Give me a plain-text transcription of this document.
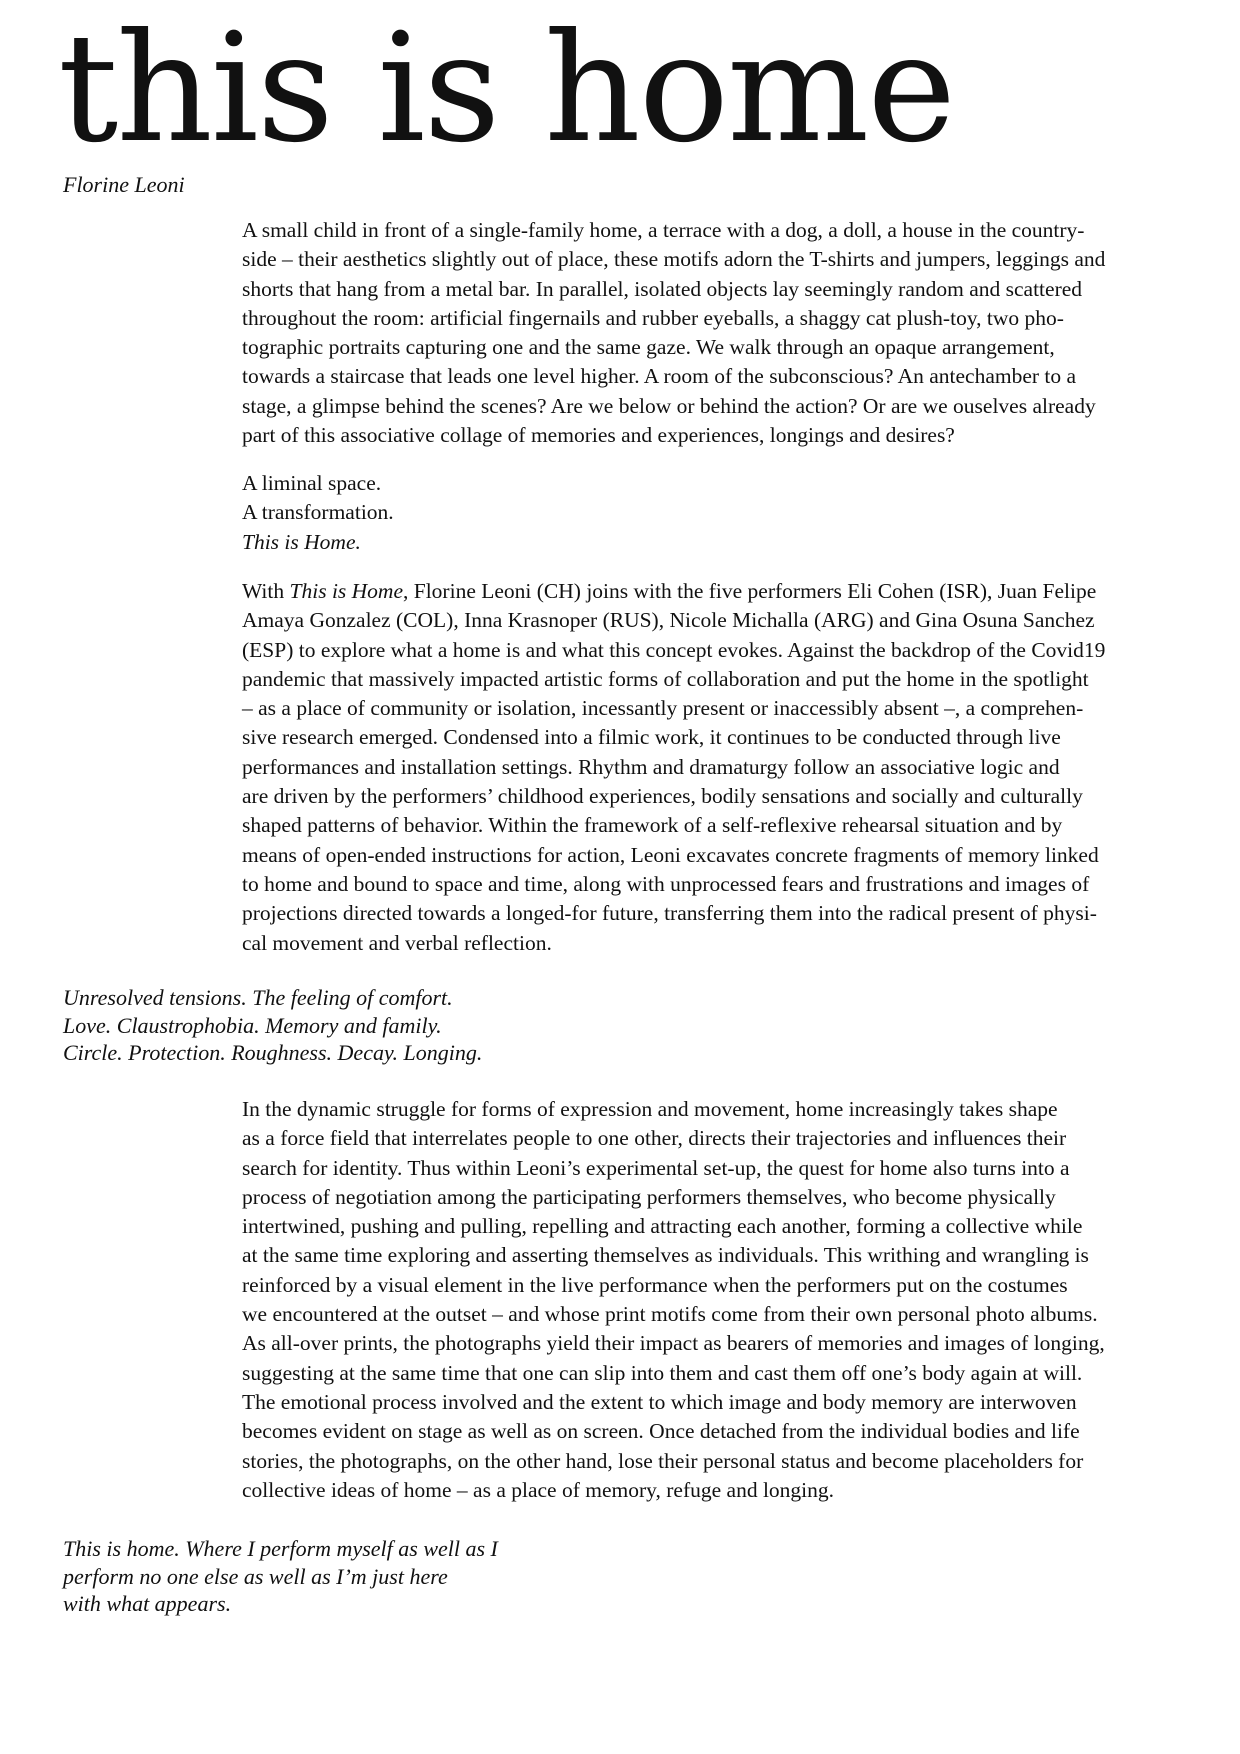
this is home

Florine Leoni

A small child in front of a single-family home, a terrace with a dog, a doll, a house in the country-

side – their aesthetics slightly out of place, these motifs adorn the T-shirts and jumpers, leggings and

shorts that hang from a metal bar. In parallel, isolated objects lay seemingly random and scattered

throughout the room: artificial fingernails and rubber eyeballs, a shaggy cat plush-toy, two pho-

tographic portraits capturing one and the same gaze. We walk through an opaque arrangement,

towards a staircase that leads one level higher. A room of the subconscious? An antechamber to a

stage, a glimpse behind the scenes? Are we below or behind the action? Or are we ouselves already

part of this associative collage of memories and experiences, longings and desires?

A liminal space.

A transformation.

This is Home.

With This is Home, Florine Leoni (CH) joins with the five performers Eli Cohen (ISR), Juan Felipe

Amaya Gonzalez (COL), Inna Krasnoper (RUS), Nicole Michalla (ARG) and Gina Osuna Sanchez

(ESP) to explore what a home is and what this concept evokes. Against the backdrop of the Covid19

pandemic that massively impacted artistic forms of collaboration and put the home in the spotlight

– as a place of community or isolation, incessantly present or inaccessibly absent –, a comprehen-

sive research emerged. Condensed into a filmic work, it continues to be conducted through live

performances and installation settings. Rhythm and dramaturgy follow an associative logic and

are driven by the performers’ childhood experiences, bodily sensations and socially and culturally

shaped patterns of behavior. Within the framework of a self-reflexive rehearsal situation and by

means of open-ended instructions for action, Leoni excavates concrete fragments of memory linked

to home and bound to space and time, along with unprocessed fears and frustrations and images of

projections directed towards a longed-for future, transferring them into the radical present of physi-

cal movement and verbal reflection.

Unresolved tensions. The feeling of comfort.

Love. Claustrophobia. Memory and family.

Circle. Protection. Roughness. Decay. Longing.

In the dynamic struggle for forms of expression and movement, home increasingly takes shape

as a force field that interrelates people to one other, directs their trajectories and influences their

search for identity. Thus within Leoni’s experimental set-up, the quest for home also turns into a

process of negotiation among the participating performers themselves, who become physically

intertwined, pushing and pulling, repelling and attracting each another, forming a collective while

at the same time exploring and asserting themselves as individuals. This writhing and wrangling is

reinforced by a visual element in the live performance when the performers put on the costumes

we encountered at the outset – and whose print motifs come from their own personal photo albums.

As all-over prints, the photographs yield their impact as bearers of memories and images of longing,

suggesting at the same time that one can slip into them and cast them off one’s body again at will.

The emotional process involved and the extent to which image and body memory are interwoven

becomes evident on stage as well as on screen. Once detached from the individual bodies and life

stories, the photographs, on the other hand, lose their personal status and become placeholders for

collective ideas of home – as a place of memory, refuge and longing.

This is home. Where I perform myself as well as I

perform no one else as well as I’m just here

with what appears.
